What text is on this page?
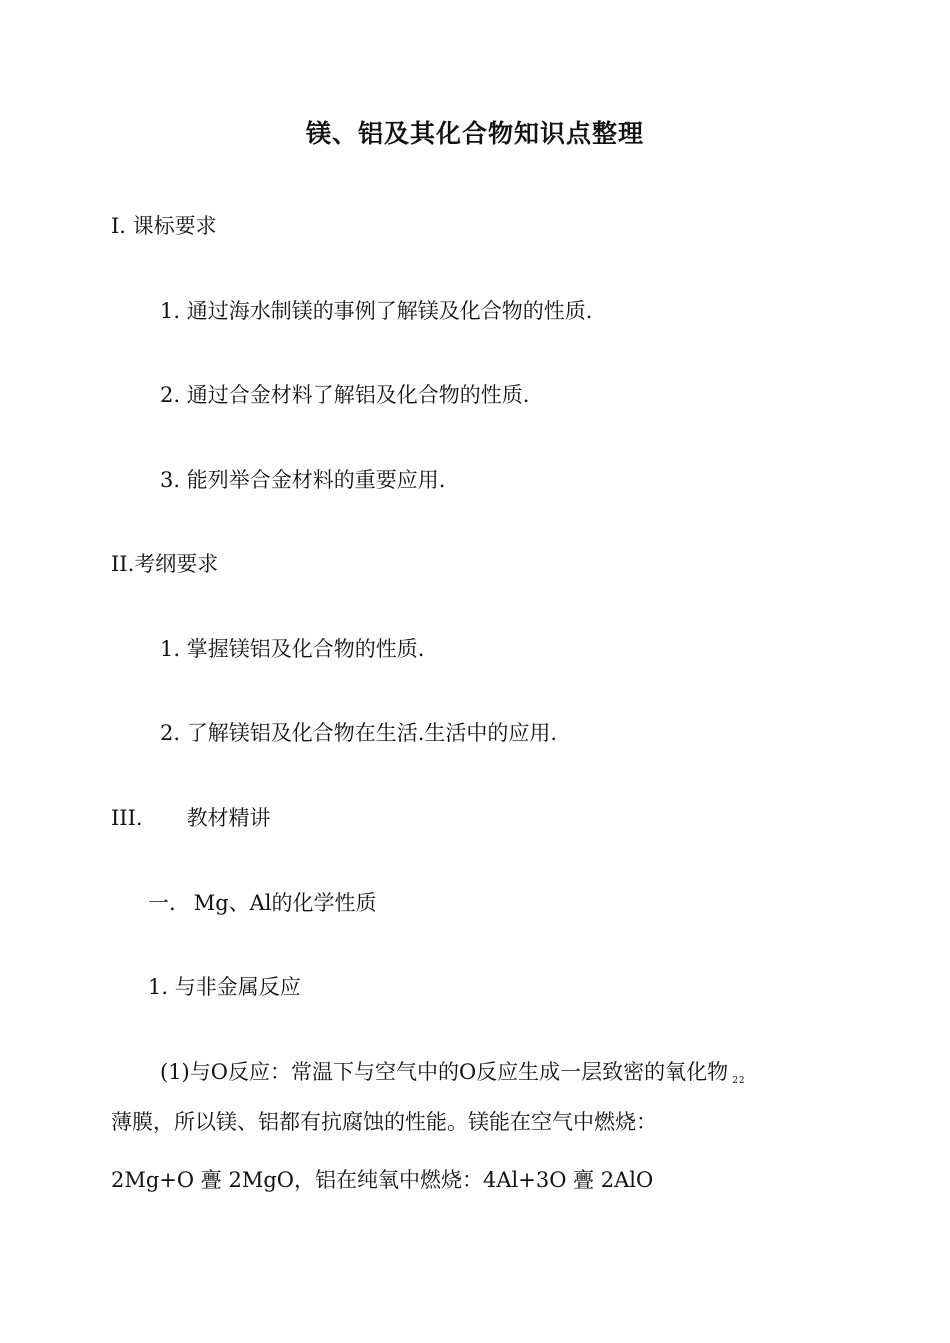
镁、铝及其化合物知识点整理
I. 课标要求
1. 通过海水制镁的事例了解镁及化合物的性质.
2. 通过合金材料了解铝及化合物的性质.
3. 能列举合金材料的重要应用.
II.考纲要求
1. 掌握镁铝及化合物的性质.
2. 了解镁铝及化合物在生活.生活中的应用.
III. 教材精讲
一. Mg、Al的化学性质
1. 与非金属反应
(1)与O反应：常温下与空气中的O反应生成一层致密的氧化物 $_{22}$
薄膜，所以镁、铝都有抗腐蚀的性能。镁能在空气中燃烧：
2Mg+O 亹 2MgO，铝在纯氧中燃烧：4Al+3O 亹 2AlO
